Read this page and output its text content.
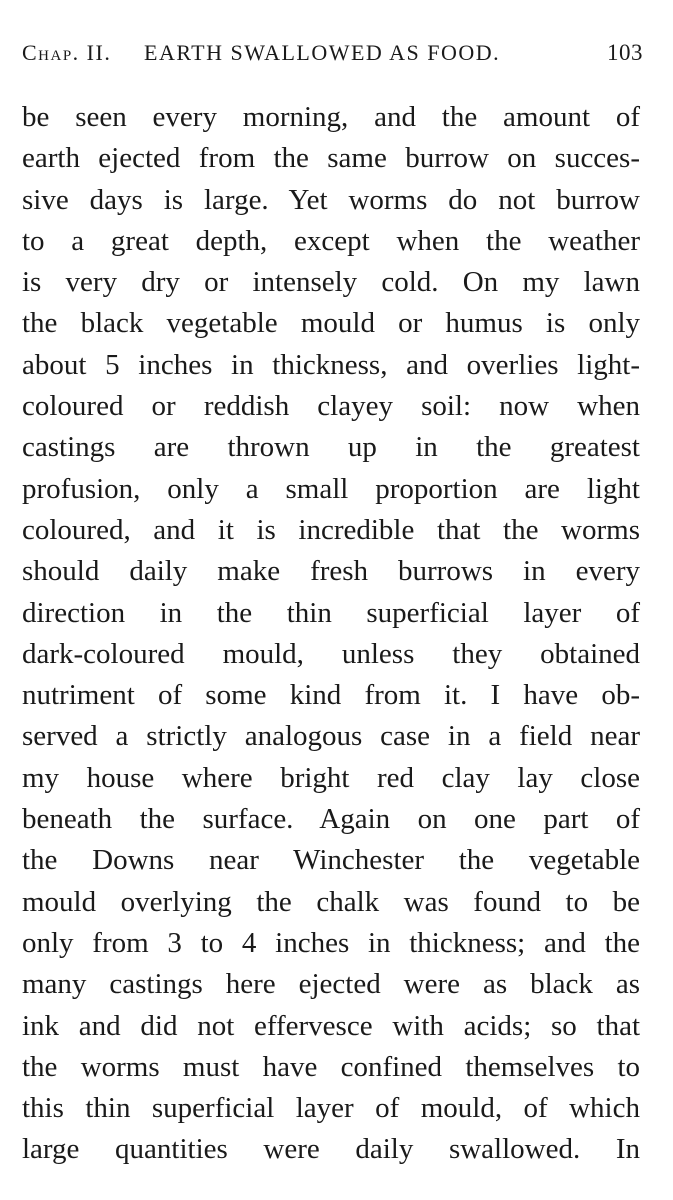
Chap. II. EARTH SWALLOWED AS FOOD.	103
be seen every morning, and the amount of
earth ejected from the same burrow on succes-
sive days is large. Yet worms do not burrow
to a great depth, except when the weather
is very dry or intensely cold. On my lawn
the black vegetable mould or humus is only
about 5 inches in thickness, and overlies light-
coloured or reddish clayey soil: now when
castings are thrown up in the greatest
profusion, only a small proportion are light
coloured, and it is incredible that the worms
should daily make fresh burrows in every
direction in the thin superficial layer of
dark-coloured mould, unless they obtained
nutriment of some kind from it. I have ob-
served a strictly analogous case in a field near
my house where bright red clay lay close
beneath the surface. Again on one part of
the Downs near Winchester the vegetable
mould overlying the chalk was found to be
only from 3 to 4 inches in thickness; and the
many castings here ejected were as black as
ink and did not effervesce with acids; so that
the worms must have confined themselves to
this thin superficial layer of mould, of which
large quantities were daily swallowed. In
